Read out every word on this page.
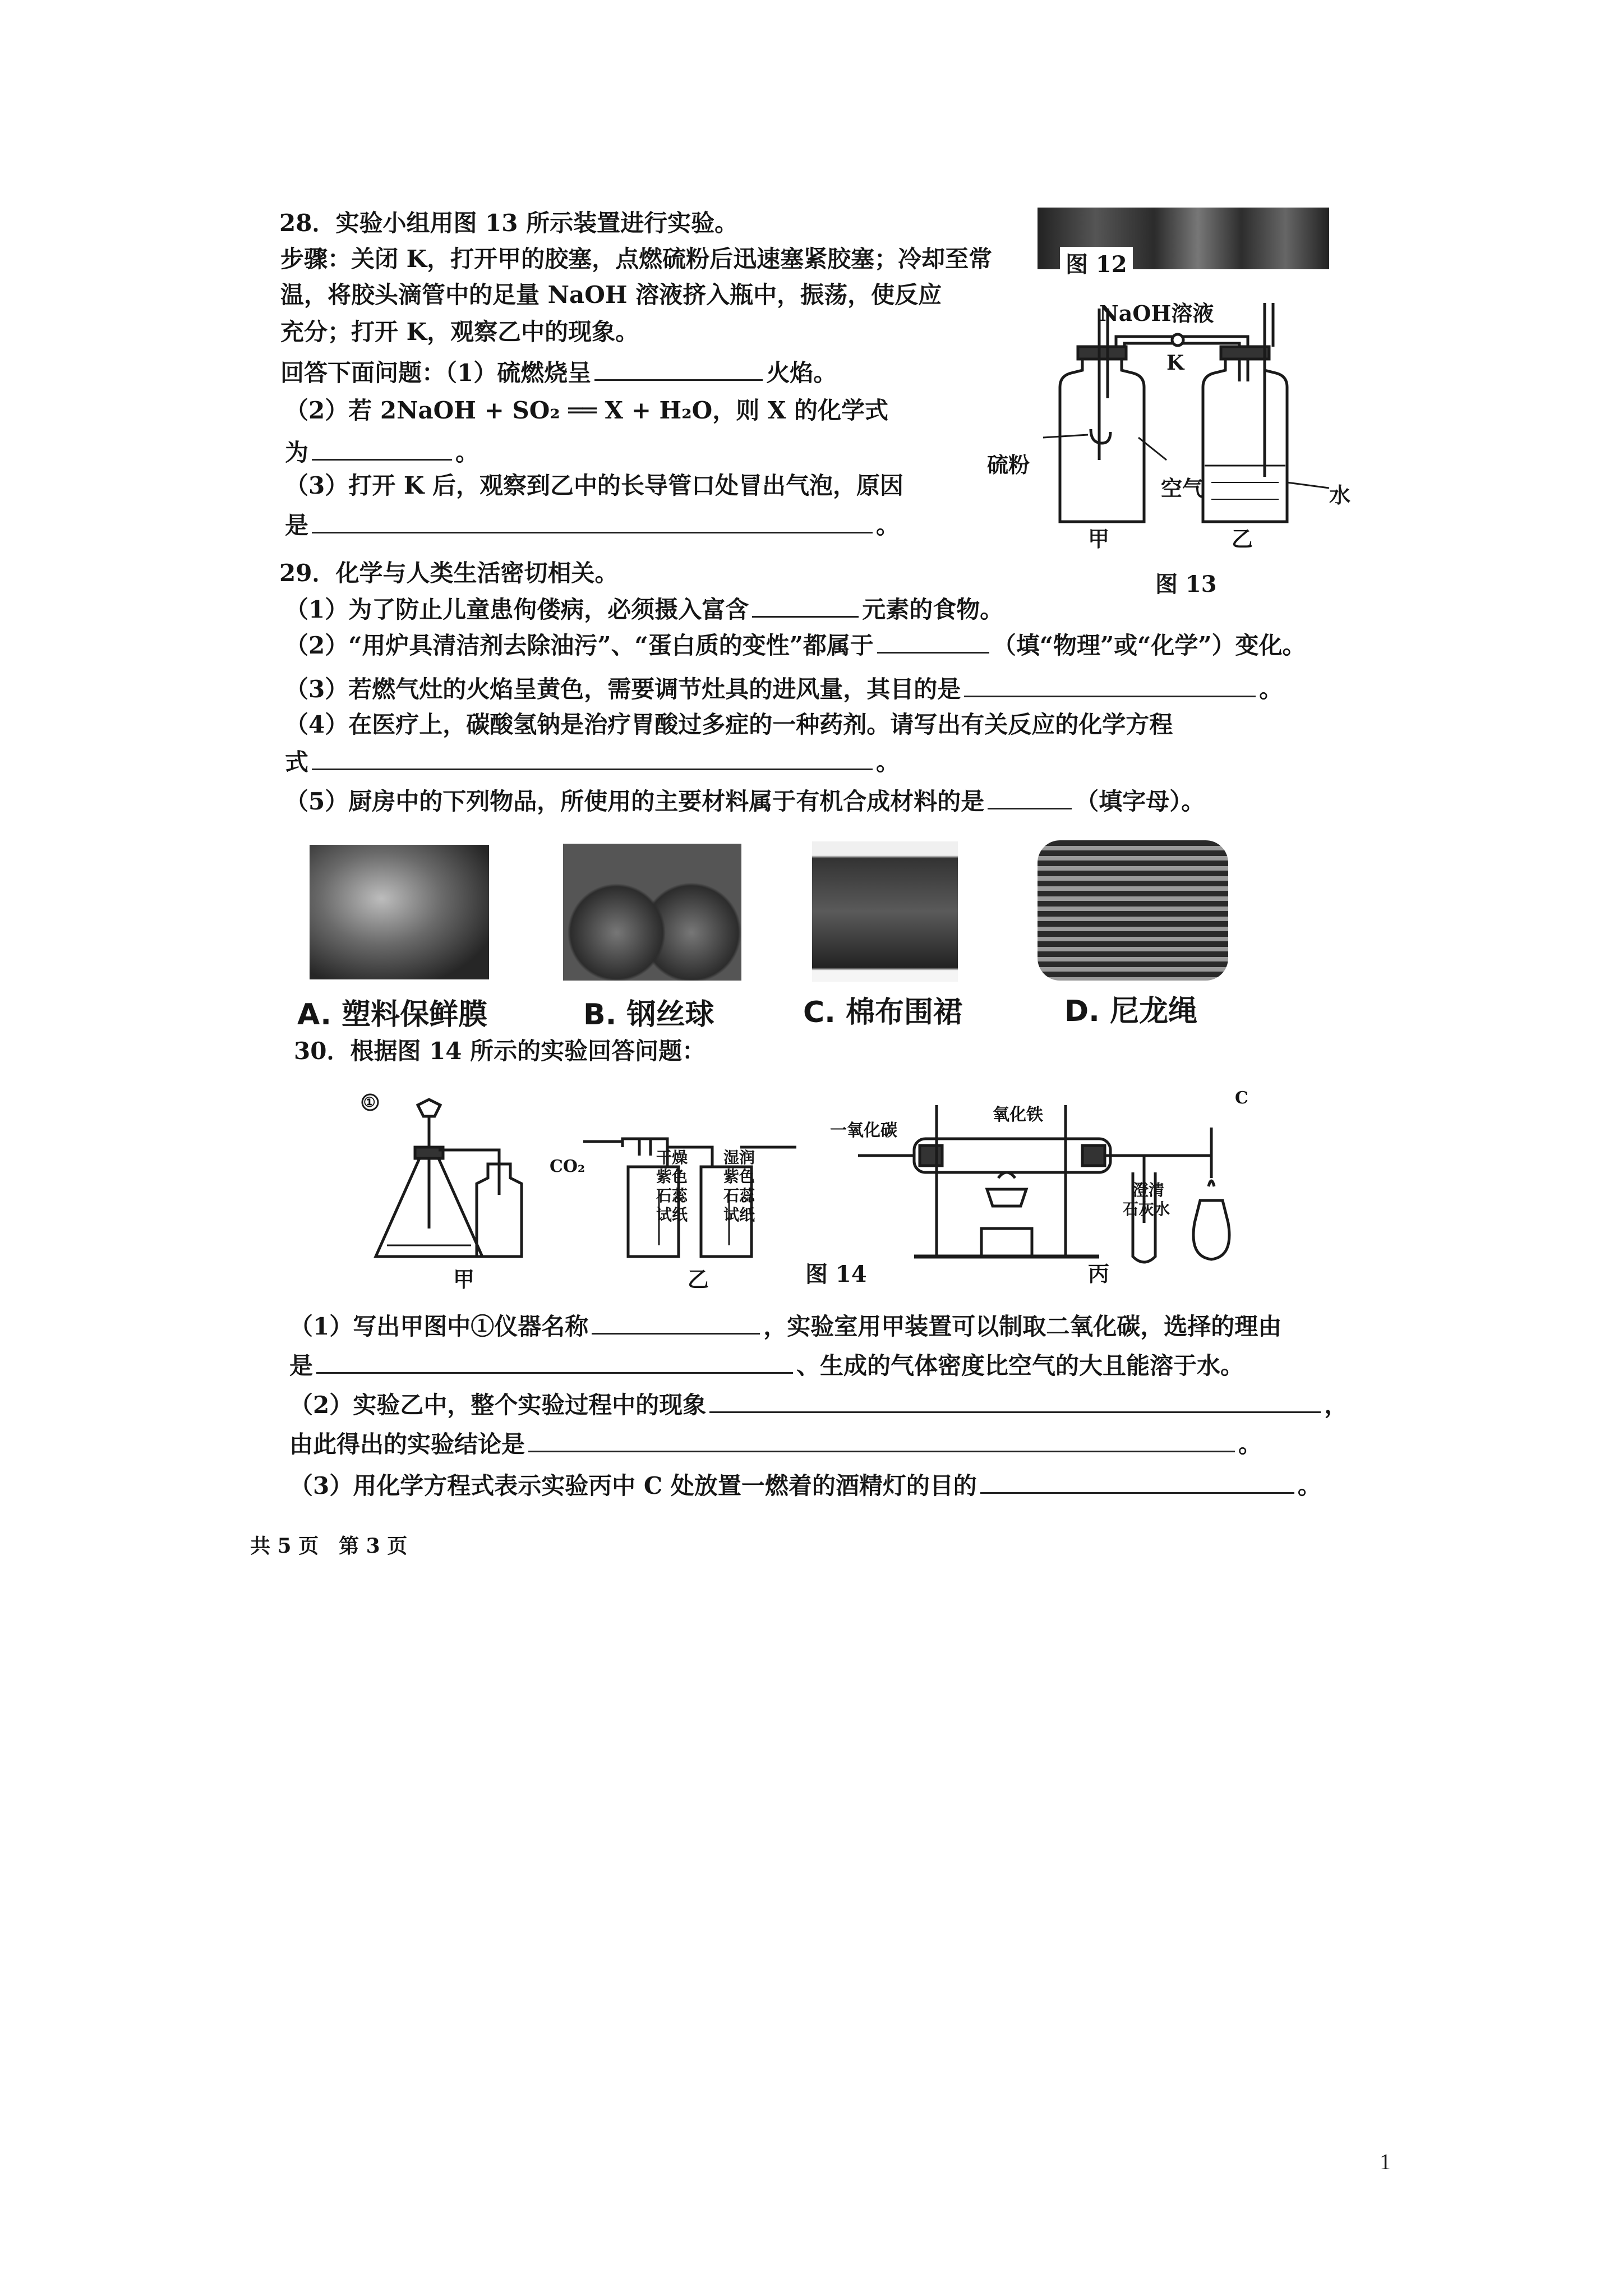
28．实验小组用图 13 所示装置进行实验。
步骤：关闭 K，打开甲的胶塞，点燃硫粉后迅速塞紧胶塞；冷却至常
温，将胶头滴管中的足量 NaOH 溶液挤入瓶中，振荡，使反应
充分；打开 K，观察乙中的现象。
回答下面问题：（1）硫燃烧呈	火焰。
（2）若 2NaOH + SO₂ ══ X + H₂O，则 X 的化学式
为	。
（3）打开 K 后，观察到乙中的长导管口处冒出气泡，原因
是	。
图 12
NaOH溶液
K
硫粉
空气	水
甲	乙
图 13
29．化学与人类生活密切相关。
（1）为了防止儿童患佝偻病，必须摄入富含	元素的食物。
（2）“用炉具清洁剂去除油污”、“蛋白质的变性”都属于	（填“物理”或“化学”）变化。
（3）若燃气灶的火焰呈黄色，需要调节灶具的进风量，其目的是	。
（4）在医疗上，碳酸氢钠是治疗胃酸过多症的一种药剂。请写出有关反应的化学方程
式	。
（5）厨房中的下列物品，所使用的主要材料属于有机合成材料的是	（填字母）。
A. 塑料保鲜膜	B. 钢丝球	C. 棉布围裙	D. 尼龙绳
30．根据图 14 所示的实验回答问题：
①
CO₂	干燥
紫色
石蕊
试纸
湿润
紫色
石蕊
试纸
一氧化碳
氧化铁
C
澄清
石灰水
甲	乙	图 14	丙
（1）写出甲图中①仪器名称	，实验室用甲装置可以制取二氧化碳，选择的理由
是	、生成的气体密度比空气的大且能溶于水。
（2）实验乙中，整个实验过程中的现象	，
由此得出的实验结论是	。
（3）用化学方程式表示实验丙中 C 处放置一燃着的酒精灯的目的	。
共 5 页　第 3 页
1
